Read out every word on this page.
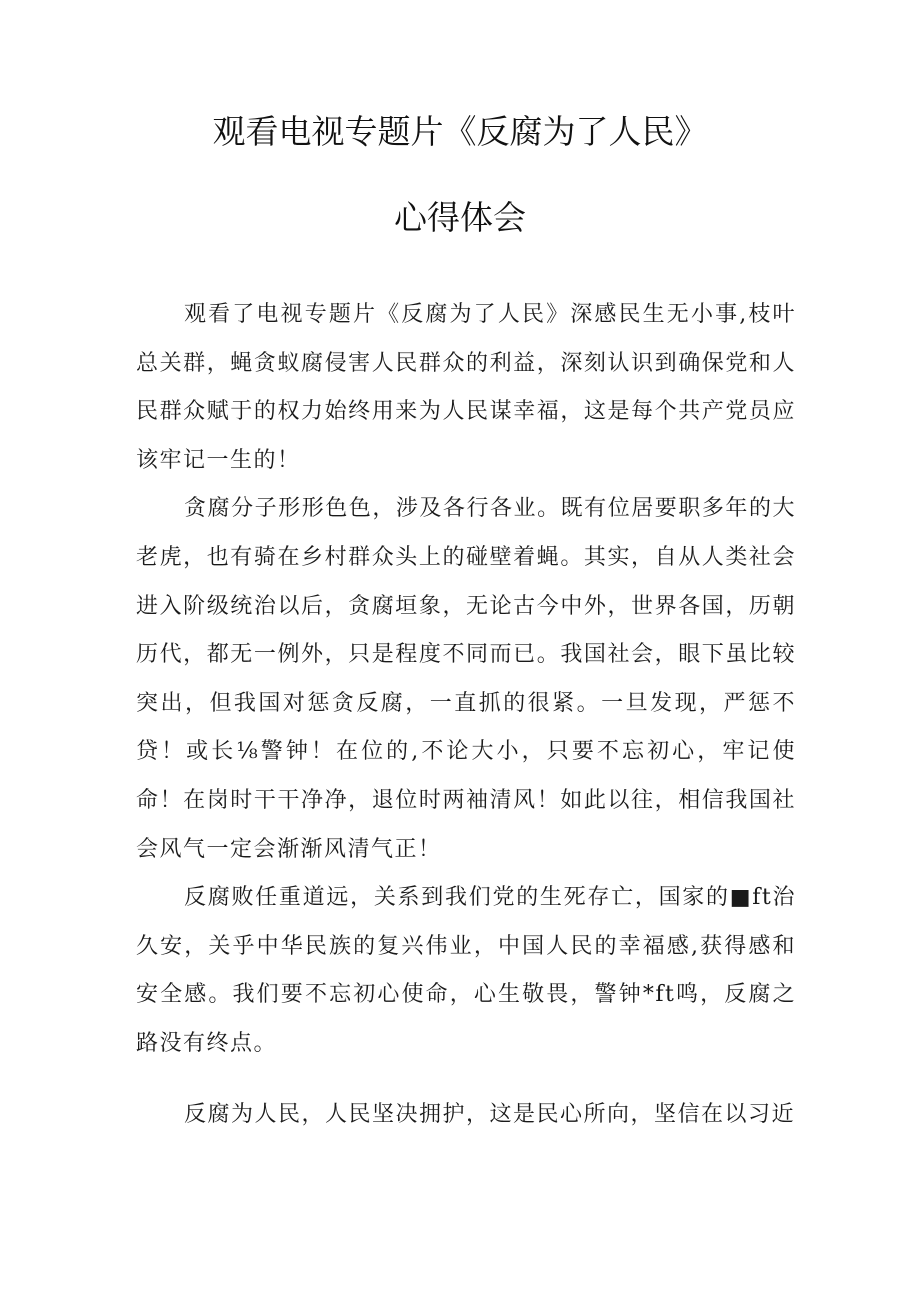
观看电视专题片《反腐为了人民》
心得体会

观看了电视专题片《反腐为了人民》深感民生无小事,枝叶总关群，蝇贪蚁腐侵害人民群众的利益，深刻认识到确保党和人民群众赋于的权力始终用来为人民谋幸福，这是每个共产党员应该牢记一生的！

贪腐分子形形色色，涉及各行各业。既有位居要职多年的大老虎，也有骑在乡村群众头上的碰壁着蝇。其实，自从人类社会进入阶级统治以后，贪腐垣象，无论古今中外，世界各国，历朝历代，都无一例外，只是程度不同而已。我国社会，眼下虽比较突出，但我国对惩贪反腐，一直抓的很紧。一旦发现，严惩不贷！或长⅛警钟！在位的,不论大小，只要不忘初心，牢记使命！在岗时干干净净，退位时两袖清风！如此以往，相信我国社会风气一定会渐渐风清气正！

反腐败任重道远，关系到我们党的生死存亡，国家的■ft治久安，关乎中华民族的复兴伟业，中国人民的幸福感,获得感和安全感。我们要不忘初心使命，心生敬畏，警钟*ft鸣，反腐之路没有终点。

反腐为人民，人民坚决拥护，这是民心所向，坚信在以习近
